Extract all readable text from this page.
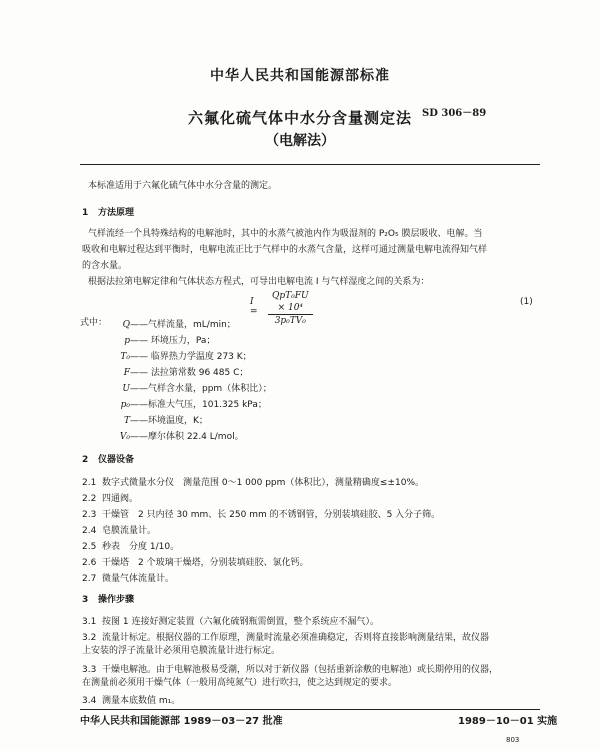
中华人民共和国能源部标准
SD 306－89
六氟化硫气体中水分含量测定法
（电解法）
本标准适用于六氟化硫气体中水分含量的测定。
1 方法原理
气样流经一个具特殊结构的电解池时，其中的水蒸气被池内作为吸湿剂的 P₂O₅ 膜层吸收、电解。当
吸收和电解过程达到平衡时，电解电流正比于气样中的水蒸气含量，这样可通过测量电解电流得知气样
的含水量。
根据法拉第电解定律和气体状态方程式，可导出电解电流 I 与气样湿度之间的关系为：
I =
QpT₀FU × 10⁴
3p₀TV₀
(1)
式中：	Q——气样流量，mL/min；
p—— 环境压力，Pa；
T₀—— 临界热力学温度 273 K；
F—— 法拉第常数 96 485 C；
U——气样含水量，ppm（体积比）；
p₀——标准大气压，101.325 kPa；
T——环境温度，K；
V₀——摩尔体积 22.4 L/mol。
2 仪器设备
2.1 数字式微量水分仪　测量范围 0～1 000 ppm（体积比），测量精确度≤±10%。
2.2 四通阀。
2.3 干燥管　2 只内径 30 mm、长 250 mm 的不锈钢管，分别装填硅胶、5 入分子筛。
2.4 皂膜流量计。
2.5 秒表　分度 1/10。
2.6 干燥塔　2 个玻璃干燥塔，分别装填硅胶、氯化钙。
2.7 微量气体流量计。
3 操作步骤
3.1 按图 1 连接好测定装置（六氟化硫钢瓶需倒置，整个系统应不漏气）。
3.2 流量计标定。根据仪器的工作原理，测量时流量必须准确稳定，否则将直接影响测量结果，故仪器
上安装的浮子流量计必须用皂膜流量计进行标定。
3.3 干燥电解池。由于电解池极易受潮，所以对于新仪器（包括重新涂敷的电解池）或长期停用的仪器，
在测量前必须用干燥气体（一般用高纯氮气）进行吹扫，使之达到规定的要求。
3.4 测量本底数值 m₁。
中华人民共和国能源部 1989－03－27 批准	1989－10－01 实施
803
